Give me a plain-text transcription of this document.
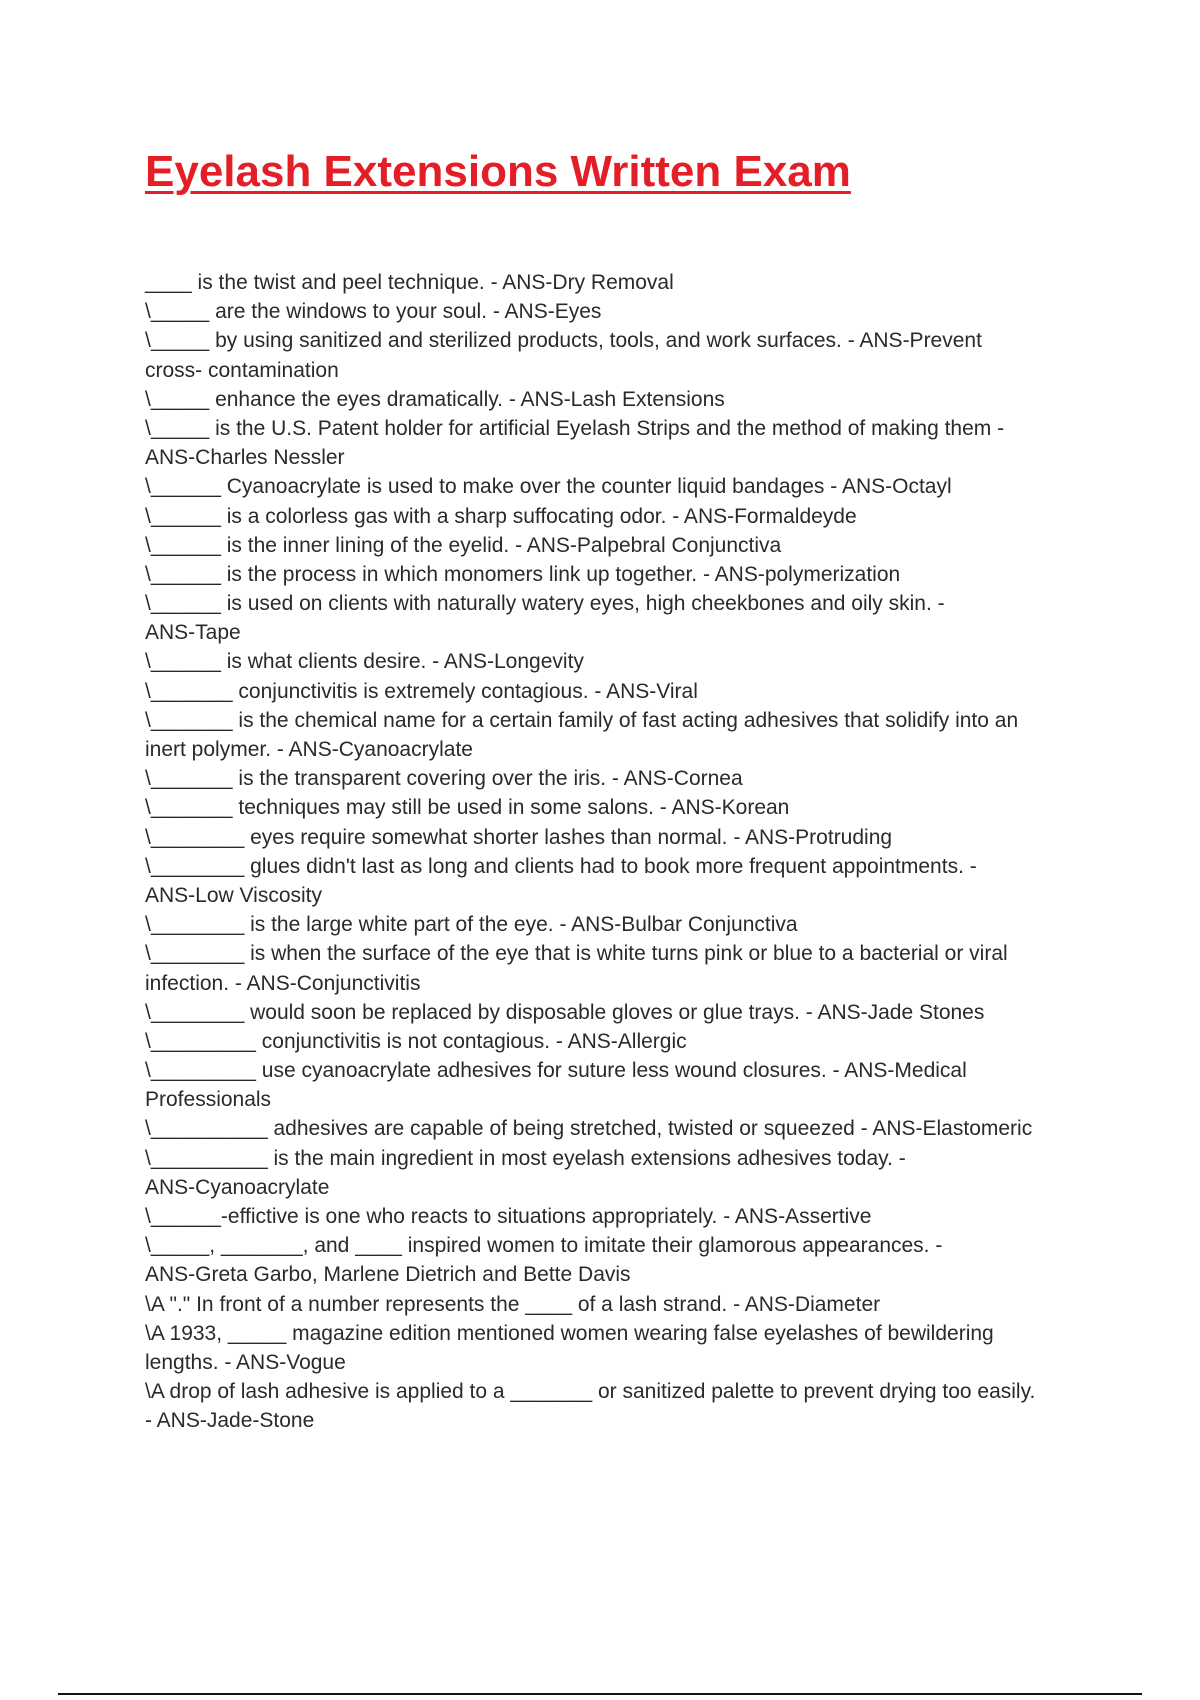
Eyelash Extensions Written Exam
____ is the twist and peel technique. - ANS-Dry Removal
\_____ are the windows to your soul. - ANS-Eyes
\_____ by using sanitized and sterilized products, tools, and work surfaces. - ANS-Prevent
cross- contamination
\_____ enhance the eyes dramatically. - ANS-Lash Extensions
\_____ is the U.S. Patent holder for artificial Eyelash Strips and the method of making them -
ANS-Charles Nessler
\______ Cyanoacrylate is used to make over the counter liquid bandages - ANS-Octayl
\______ is a colorless gas with a sharp suffocating odor. - ANS-Formaldeyde
\______ is the inner lining of the eyelid. - ANS-Palpebral Conjunctiva
\______ is the process in which monomers link up together. - ANS-polymerization
\______ is used on clients with naturally watery eyes, high cheekbones and oily skin. -
ANS-Tape
\______ is what clients desire. - ANS-Longevity
\_______ conjunctivitis is extremely contagious. - ANS-Viral
\_______ is the chemical name for a certain family of fast acting adhesives that solidify into an
inert polymer. - ANS-Cyanoacrylate
\_______ is the transparent covering over the iris. - ANS-Cornea
\_______ techniques may still be used in some salons. - ANS-Korean
\________ eyes require somewhat shorter lashes than normal. - ANS-Protruding
\________ glues didn't last as long and clients had to book more frequent appointments. -
ANS-Low Viscosity
\________ is the large white part of the eye. - ANS-Bulbar Conjunctiva
\________ is when the surface of the eye that is white turns pink or blue to a bacterial or viral
infection. - ANS-Conjunctivitis
\________ would soon be replaced by disposable gloves or glue trays. - ANS-Jade Stones
\_________ conjunctivitis is not contagious. - ANS-Allergic
\_________ use cyanoacrylate adhesives for suture less wound closures. - ANS-Medical
Professionals
\__________ adhesives are capable of being stretched, twisted or squeezed - ANS-Elastomeric
\__________ is the main ingredient in most eyelash extensions adhesives today. -
ANS-Cyanoacrylate
\______-effictive is one who reacts to situations appropriately. - ANS-Assertive
\_____, _______, and ____ inspired women to imitate their glamorous appearances. -
ANS-Greta Garbo, Marlene Dietrich and Bette Davis
\A "." In front of a number represents the ____ of a lash strand. - ANS-Diameter
\A 1933, _____ magazine edition mentioned women wearing false eyelashes of bewildering
lengths. - ANS-Vogue
\A drop of lash adhesive is applied to a _______ or sanitized palette to prevent drying too easily.
- ANS-Jade-Stone
